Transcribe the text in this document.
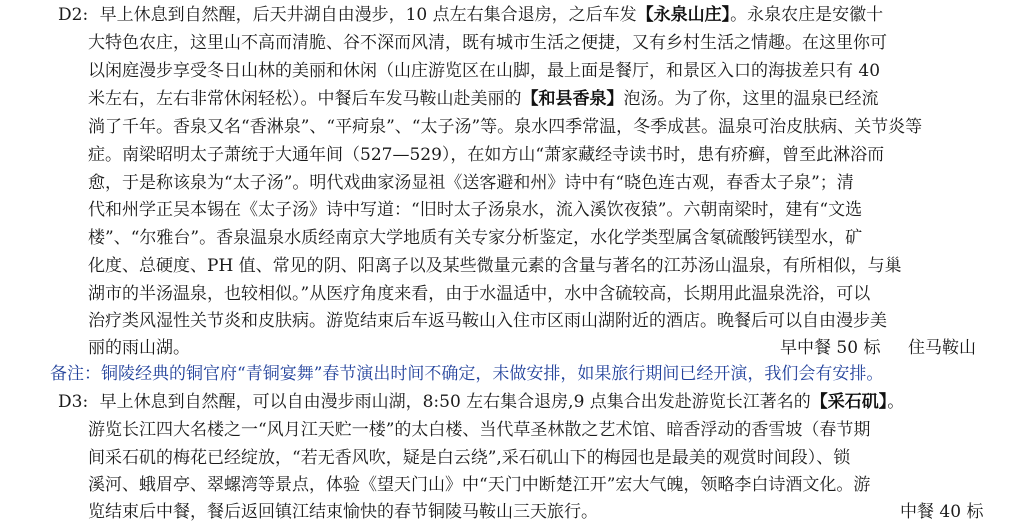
D2: 早上休息到自然醒，后天井湖自由漫步，10 点左右集合退房，之后车发【永泉山庄】。永泉农庄是安徽十
大特色农庄，这里山不高而清脆、谷不深而风清，既有城市生活之便捷，又有乡村生活之情趣。在这里你可
以闲庭漫步享受冬日山林的美丽和休闲（山庄游览区在山脚，最上面是餐厅，和景区入口的海拔差只有 40
米左右，左右非常休闲轻松）。中餐后车发马鞍山赴美丽的【和县香泉】泡汤。为了你，这里的温泉已经流
淌了千年。香泉又名“香淋泉”、“平疴泉”、“太子汤”等。泉水四季常温，冬季成甚。温泉可治皮肤病、关节炎等
症。南梁昭明太子萧统于大通年间（527—529），在如方山“萧家藏经寺读书时，患有疥癣，曾至此淋浴而
愈，于是称该泉为“太子汤”。明代戏曲家汤显祖《送客避和州》诗中有“晓色连古观，春香太子泉”；清
代和州学正吴本锡在《太子汤》诗中写道：“旧时太子汤泉水，流入溪饮夜猿”。六朝南梁时，建有“文选
楼”、“尔雅台”。香泉温泉水质经南京大学地质有关专家分析鉴定，水化学类型属含氡硫酸钙镁型水，矿
化度、总硬度、PH 值、常见的阴、阳离子以及某些微量元素的含量与著名的江苏汤山温泉，有所相似，与巢
湖市的半汤温泉，也较相似。”从医疗角度来看，由于水温适中，水中含硫较高，长期用此温泉洗浴，可以
治疗类风湿性关节炎和皮肤病。游览结束后车返马鞍山入住市区雨山湖附近的酒店。晚餐后可以自由漫步美
丽的雨山湖。	早中餐 50 标 住马鞍山
备注：铜陵经典的铜官府“青铜宴舞”春节演出时间不确定，未做安排，如果旅行期间已经开演，我们会有安排。
D3: 早上休息到自然醒，可以自由漫步雨山湖，8:50 左右集合退房,9 点集合出发赴游览长江著名的【采石矶】。
游览长江四大名楼之一“风月江天贮一楼”的太白楼、当代草圣林散之艺术馆、暗香浮动的香雪坡（春节期
间采石矶的梅花已经绽放，“若无香风吹，疑是白云绕”,采石矶山下的梅园也是最美的观赏时间段）、锁
溪河、蛾眉亭、翠螺湾等景点，体验《望天门山》中“天门中断楚江开”宏大气魄，领略李白诗酒文化。游
览结束后中餐，餐后返回镇江结束愉快的春节铜陵马鞍山三天旅行。	中餐 40 标
